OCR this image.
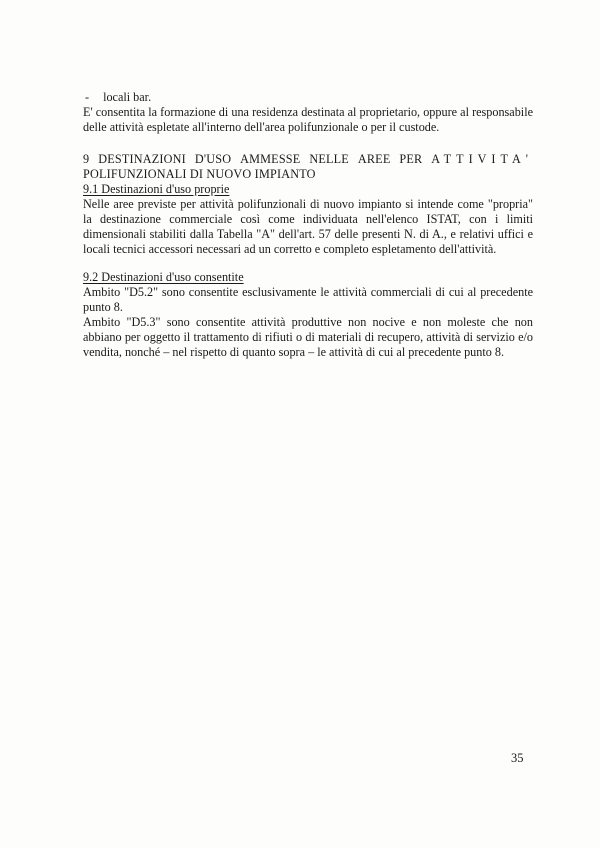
- locali bar.

E' consentita la formazione di una residenza destinata al proprietario, oppure al responsabile delle attività espletate all'interno dell'area polifunzionale o per il custode.

9 DESTINAZIONI D'USO AMMESSE NELLE AREE PER ATTIVITA'
POLIFUNZIONALI DI NUOVO IMPIANTO
9.1 Destinazioni d'uso proprie

Nelle aree previste per attività polifunzionali di nuovo impianto si intende come "propria" la destinazione commerciale così come individuata nell'elenco ISTAT, con i limiti dimensionali stabiliti dalla Tabella "A" dell'art. 57 delle presenti N. di A., e relativi uffici e locali tecnici accessori necessari ad un corretto e completo espletamento dell'attività.

9.2 Destinazioni d'uso consentite

Ambito "D5.2" sono consentite esclusivamente le attività commerciali di cui al precedente punto 8.

Ambito "D5.3" sono consentite attività produttive non nocive e non moleste che non abbiano per oggetto il trattamento di rifiuti o di materiali di recupero, attività di servizio e/o vendita, nonché – nel rispetto di quanto sopra – le attività di cui al precedente punto 8.

35
